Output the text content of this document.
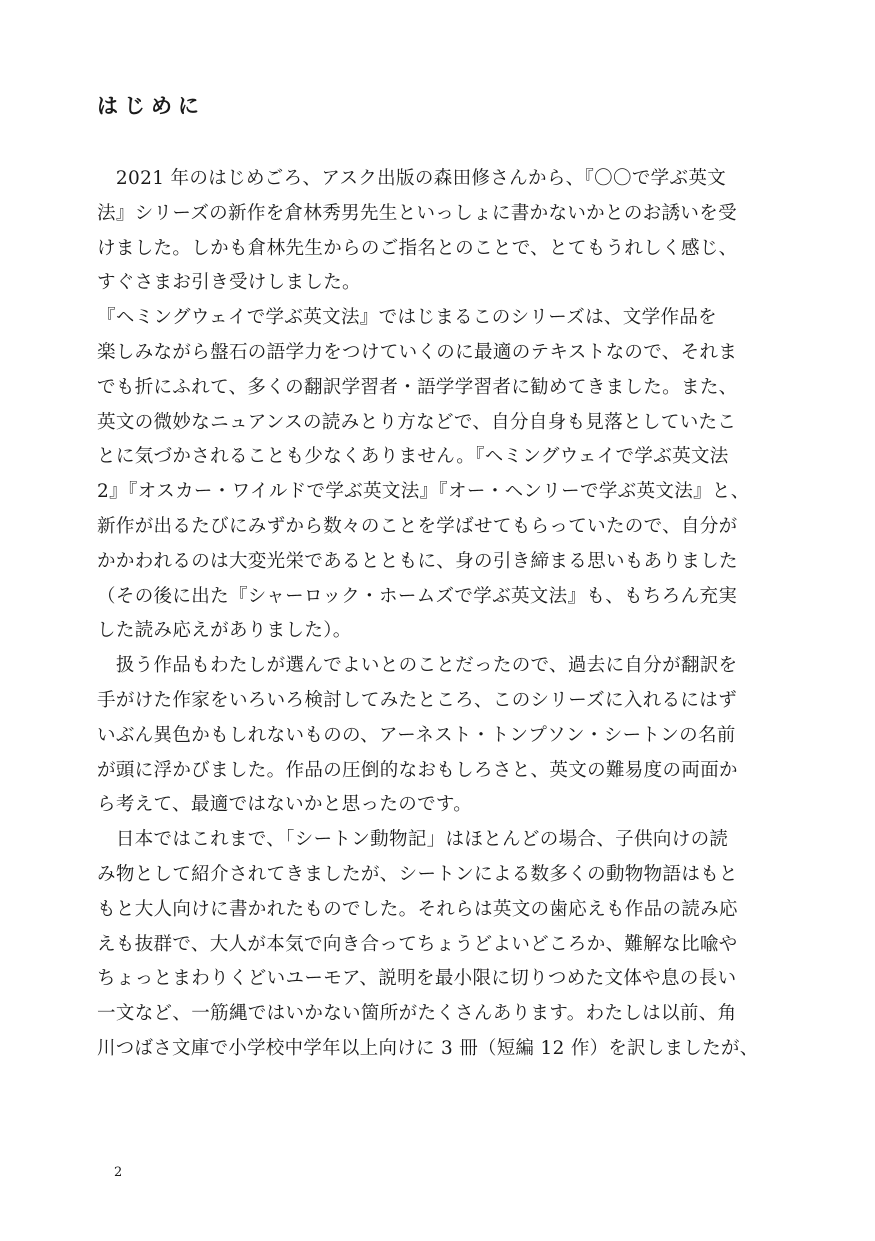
はじめに
　2021 年のはじめごろ、アスク出版の森田修さんから、『〇〇で学ぶ英文
法』シリーズの新作を倉林秀男先生といっしょに書かないかとのお誘いを受
けました。しかも倉林先生からのご指名とのことで、とてもうれしく感じ、
すぐさまお引き受けしました。
『ヘミングウェイで学ぶ英文法』ではじまるこのシリーズは、文学作品を
楽しみながら盤石の語学力をつけていくのに最適のテキストなので、それま
でも折にふれて、多くの翻訳学習者・語学学習者に勧めてきました。また、
英文の微妙なニュアンスの読みとり方などで、自分自身も見落としていたこ
とに気づかされることも少なくありません。『ヘミングウェイで学ぶ英文法
2』『オスカー・ワイルドで学ぶ英文法』『オー・ヘンリーで学ぶ英文法』と、
新作が出るたびにみずから数々のことを学ばせてもらっていたので、自分が
かかわれるのは大変光栄であるとともに、身の引き締まる思いもありました
（その後に出た『シャーロック・ホームズで学ぶ英文法』も、もちろん充実
した読み応えがありました）。
　扱う作品もわたしが選んでよいとのことだったので、過去に自分が翻訳を
手がけた作家をいろいろ検討してみたところ、このシリーズに入れるにはず
いぶん異色かもしれないものの、アーネスト・トンプソン・シートンの名前
が頭に浮かびました。作品の圧倒的なおもしろさと、英文の難易度の両面か
ら考えて、最適ではないかと思ったのです。
　日本ではこれまで、「シートン動物記」はほとんどの場合、子供向けの読
み物として紹介されてきましたが、シートンによる数多くの動物物語はもと
もと大人向けに書かれたものでした。それらは英文の歯応えも作品の読み応
えも抜群で、大人が本気で向き合ってちょうどよいどころか、難解な比喩や
ちょっとまわりくどいユーモア、説明を最小限に切りつめた文体や息の長い
一文など、一筋縄ではいかない箇所がたくさんあります。わたしは以前、角
川つばさ文庫で小学校中学年以上向けに 3 冊（短編 12 作）を訳しましたが、
2
